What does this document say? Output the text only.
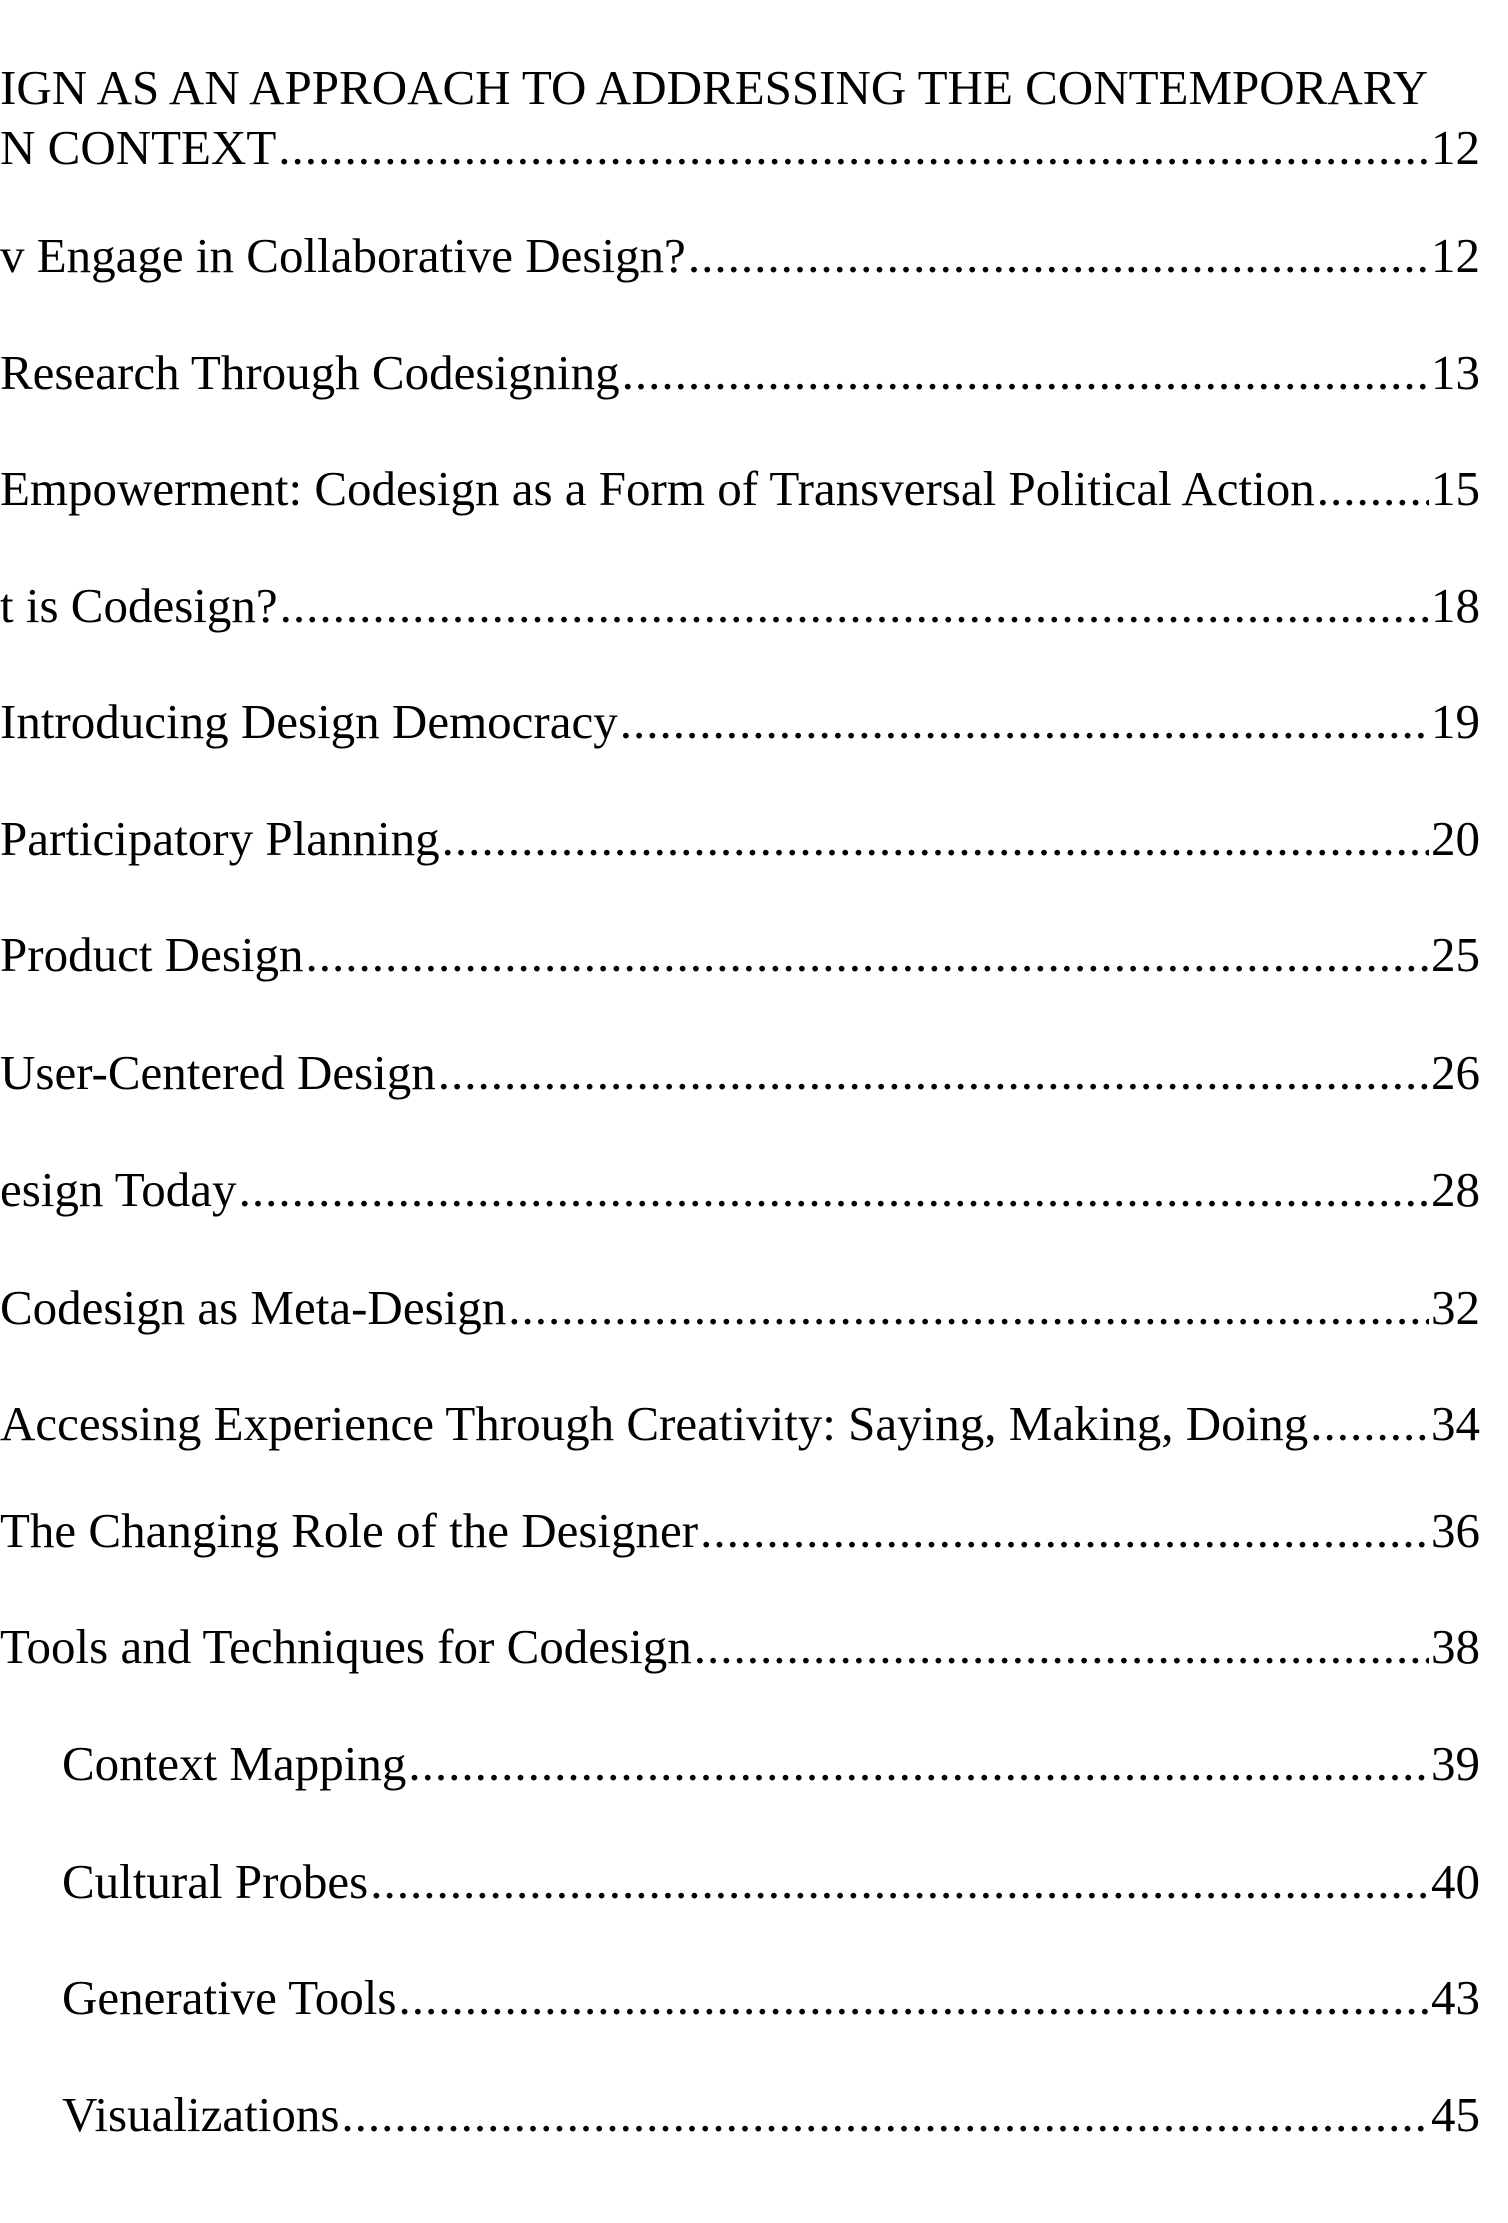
IGN AS AN APPROACH TO ADDRESSING THE CONTEMPORARY
N CONTEXT .....	12
v Engage in Collaborative Design? .....	12
Research Through Codesigning .....	13
Empowerment: Codesign as a Form of Transversal Political Action ..... 15
t is Codesign? .....	18
Introducing Design Democracy .....	19
Participatory Planning .....	20
Product Design .....	25
User-Centered Design .....	26
esign Today .....	28
Codesign as Meta-Design .....	32
Accessing Experience Through Creativity: Saying, Making, Doing .....	34
The Changing Role of the Designer .....	36
Tools and Techniques for Codesign .....	38
Context Mapping .....	39
Cultural Probes .....	40
Generative Tools .....	43
Visualizations .....	45
